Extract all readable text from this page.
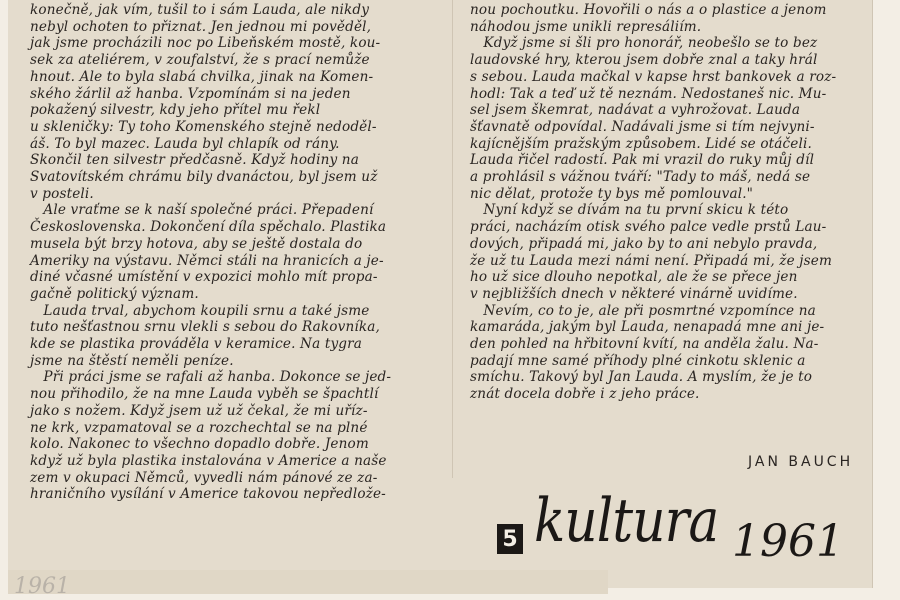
konečně, jak vím, tušil to i sám Lauda, ale nikdy

nebyl ochoten to přiznat. Jen jednou mi pověděl,

jak jsme procházili noc po Libeňském mostě, kou-

sek za ateliérem, v zoufalství, že s prací nemůže

hnout. Ale to byla slabá chvilka, jinak na Komen-

ského žárlil až hanba. Vzpomínám si na jeden

pokažený silvestr, kdy jeho přítel mu řekl

u skleničky: Ty toho Komenského stejně nedoděl-

áš. To byl mazec. Lauda byl chlapík od rány.

Skončil ten silvestr předčasně. Když hodiny na

Svatovítském chrámu bily dvanáctou, byl jsem už

v posteli.

Ale vraťme se k naší společné práci. Přepadení

Československa. Dokončení díla spěchalo. Plastika

musela být brzy hotova, aby se ještě dostala do

Ameriky na výstavu. Němci stáli na hranicích a je-

diné včasné umístění v expozici mohlo mít propa-

gačně politický význam.

Lauda trval, abychom koupili srnu a také jsme

tuto nešťastnou srnu vlekli s sebou do Rakovníka,

kde se plastika prováděla v keramice. Na tygra

jsme na štěstí neměli peníze.

Při práci jsme se rafali až hanba. Dokonce se jed-

nou přihodilo, že na mne Lauda vyběh se špachtlí

jako s nožem. Když jsem už už čekal, že mi uříz-

ne krk, vzpamatoval se a rozchechtal se na plné

kolo. Nakonec to všechno dopadlo dobře. Jenom

když už byla plastika instalována v Americe a naše

zem v okupaci Němců, vyvedli nám pánové ze za-

hraničního vysílání v Americe takovou nepředlože-

nou pochoutku. Hovořili o nás a o plastice a jenom

náhodou jsme unikli represáliím.

Když jsme si šli pro honorář, neobešlo se to bez

laudovské hry, kterou jsem dobře znal a taky hrál

s sebou. Lauda mačkal v kapse hrst bankovek a roz-

hodl: Tak a teď už tě neznám. Nedostaneš nic. Mu-

sel jsem škemrat, nadávat a vyhrožovat. Lauda

šťavnatě odpovídal. Nadávali jsme si tím nejvyni-

kajícnějším pražským způsobem. Lidé se otáčeli.

Lauda řičel radostí. Pak mi vrazil do ruky můj díl

a prohlásil s vážnou tváří: "Tady to máš, nedá se

nic dělat, protože ty bys mě pomlouval."

Nyní když se dívám na tu první skicu k této

práci, nacházím otisk svého palce vedle prstů Lau-

dových, připadá mi, jako by to ani nebylo pravda,

že už tu Lauda mezi námi není. Připadá mi, že jsem

ho už sice dlouho nepotkal, ale že se přece jen

v nejbližších dnech v některé vinárně uvidíme.

Nevím, co to je, ale při posmrtné vzpomínce na

kamaráda, jakým byl Lauda, nenapadá mne ani je-

den pohled na hřbitovní kvítí, na anděla žalu. Na-

padají mne samé příhody plné cinkotu sklenic a

smíchu. Takový byl Jan Lauda. A myslím, že je to

znát docela dobře i z jeho práce.

JAN BAUCH
5 kultura 1961
1961
